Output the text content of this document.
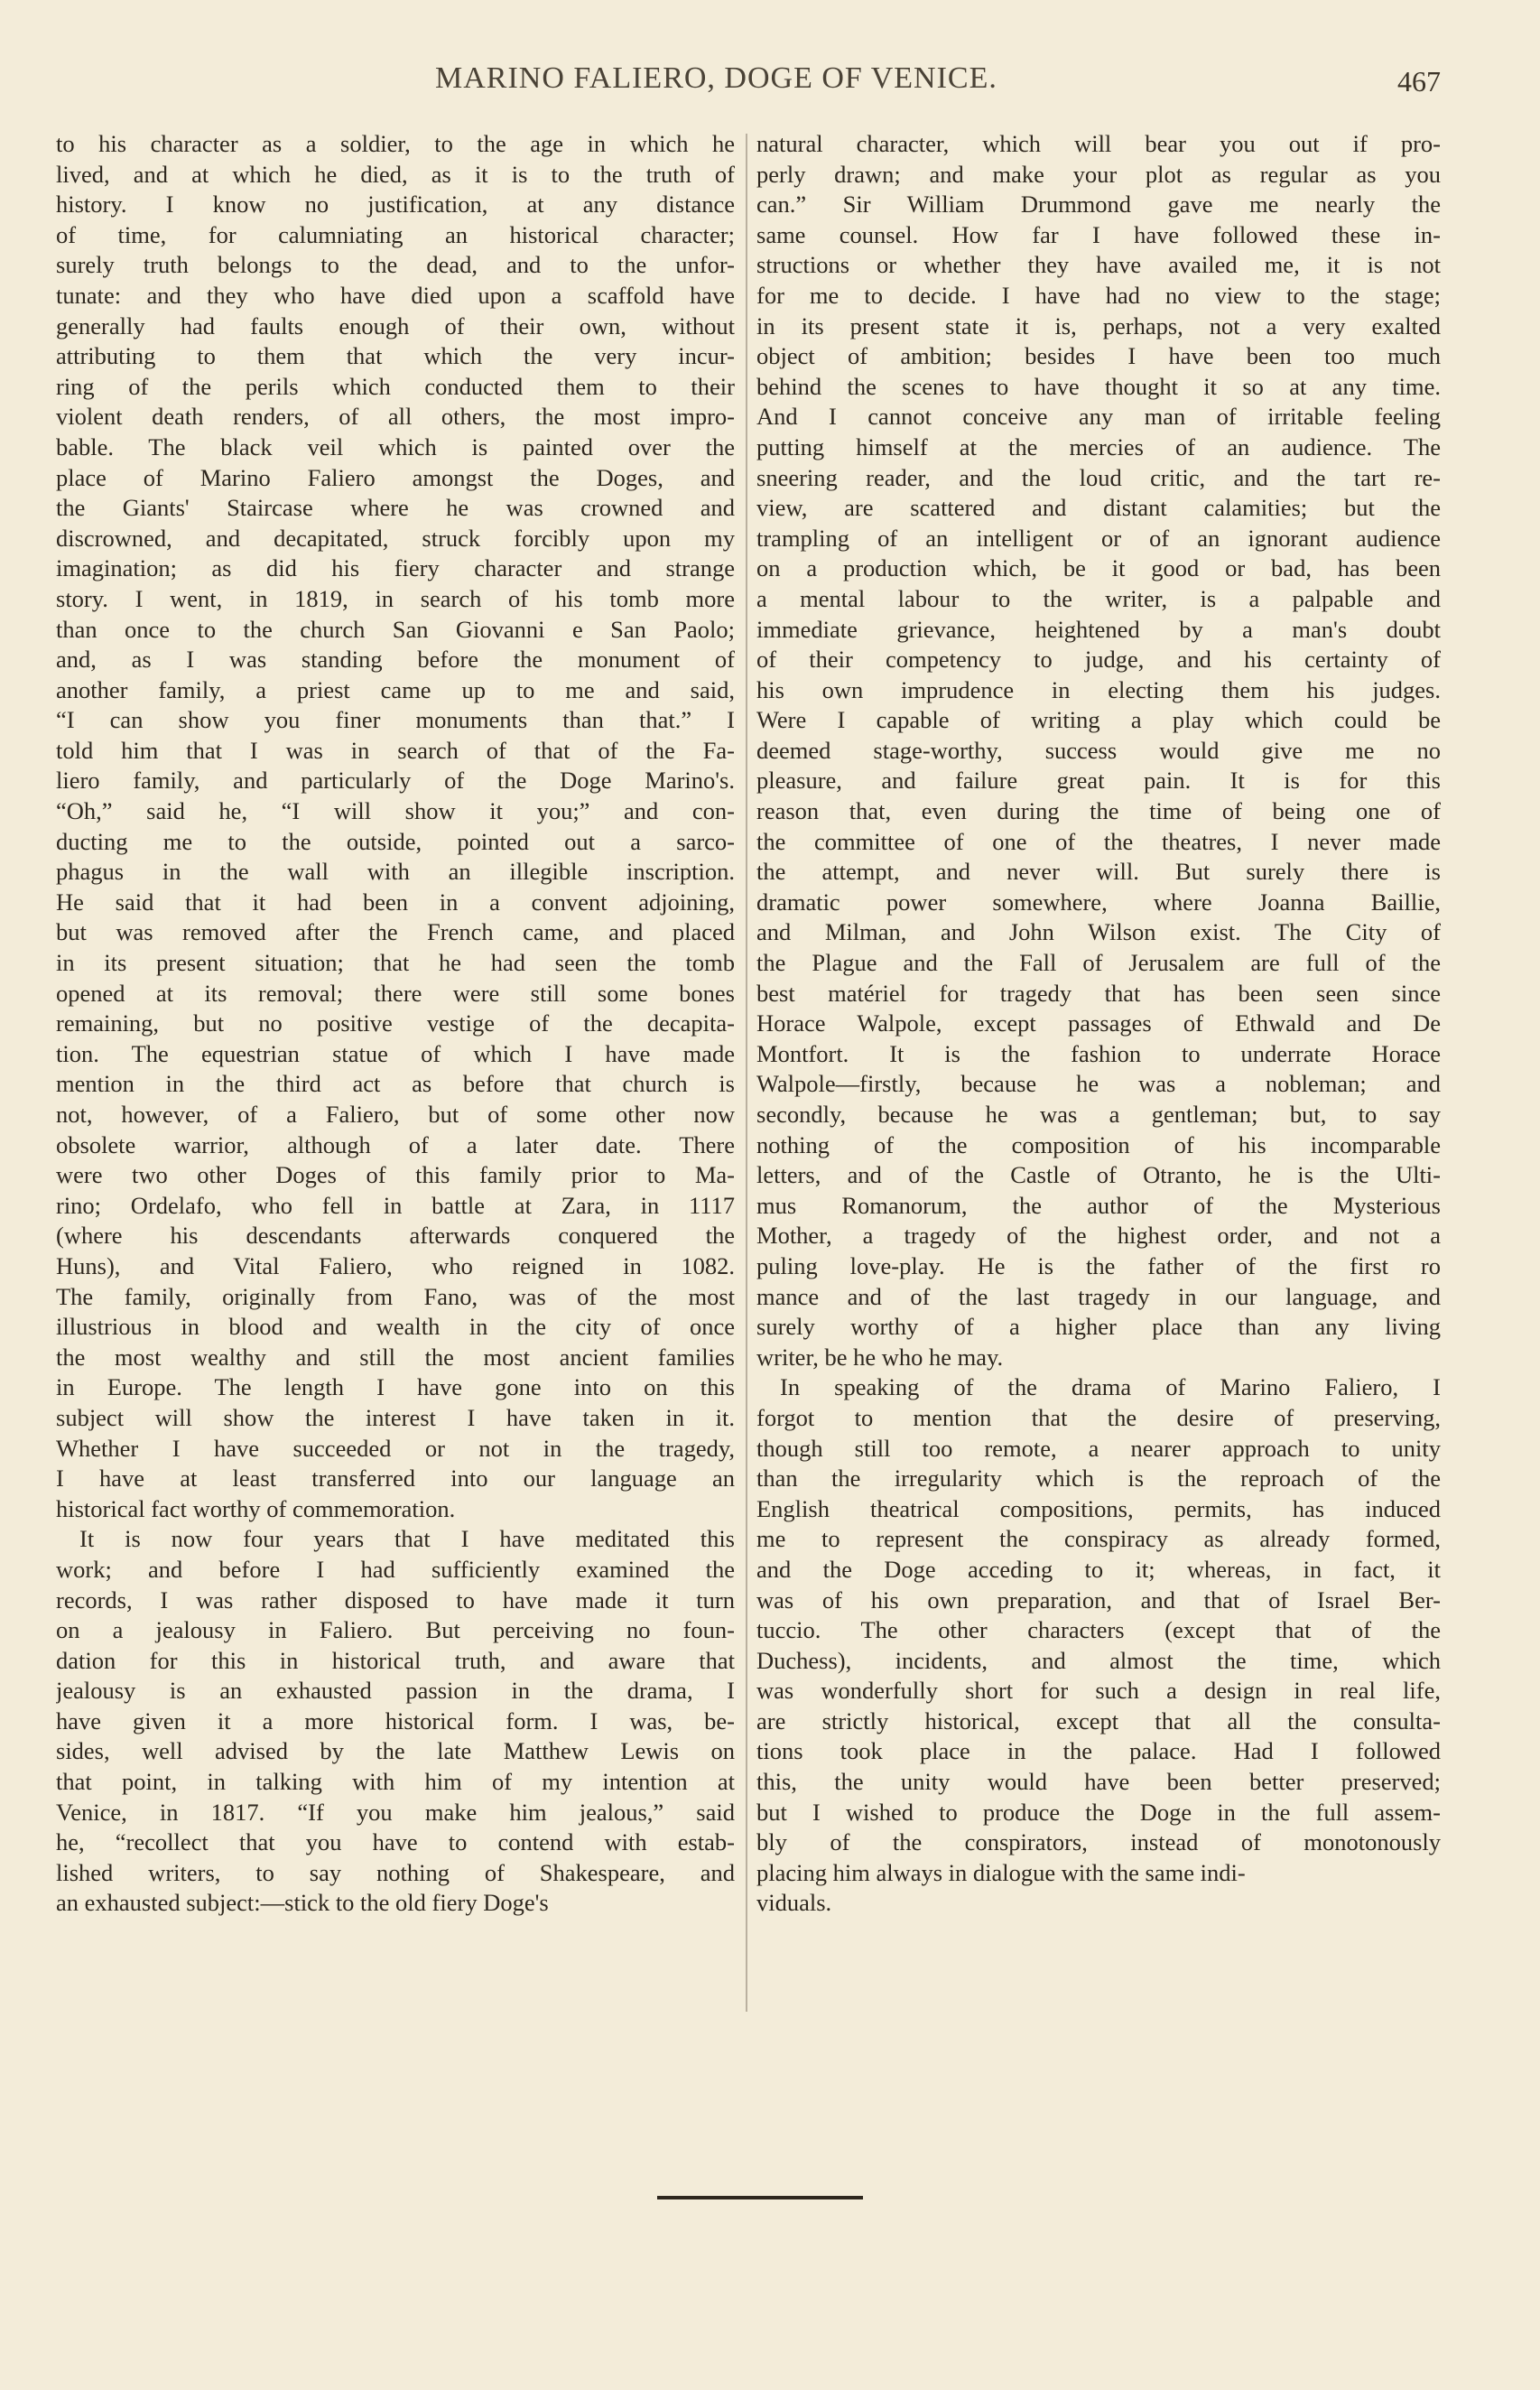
MARINO FALIERO, DOGE OF VENICE.	467
to his character as a soldier, to the age in which he
lived, and at which he died, as it is to the truth of
history. I know no justification, at any distance
of time, for calumniating an historical character;
surely truth belongs to the dead, and to the unfor-
tunate: and they who have died upon a scaffold have
generally had faults enough of their own, without
attributing to them that which the very incur-
ring of the perils which conducted them to their
violent death renders, of all others, the most impro-
bable. The black veil which is painted over the
place of Marino Faliero amongst the Doges, and
the Giants' Staircase where he was crowned and
discrowned, and decapitated, struck forcibly upon my
imagination; as did his fiery character and strange
story. I went, in 1819, in search of his tomb more
than once to the church San Giovanni e San Paolo;
and, as I was standing before the monument of
another family, a priest came up to me and said,
“I can show you finer monuments than that.” I
told him that I was in search of that of the Fa-
liero family, and particularly of the Doge Marino's.
“Oh,” said he, “I will show it you;” and con-
ducting me to the outside, pointed out a sarco-
phagus in the wall with an illegible inscription.
He said that it had been in a convent adjoining,
but was removed after the French came, and placed
in its present situation; that he had seen the tomb
opened at its removal; there were still some bones
remaining, but no positive vestige of the decapita-
tion. The equestrian statue of which I have made
mention in the third act as before that church is
not, however, of a Faliero, but of some other now
obsolete warrior, although of a later date. There
were two other Doges of this family prior to Ma-
rino; Ordelafo, who fell in battle at Zara, in 1117
(where his descendants afterwards conquered the
Huns), and Vital Faliero, who reigned in 1082.
The family, originally from Fano, was of the most
illustrious in blood and wealth in the city of once
the most wealthy and still the most ancient families
in Europe. The length I have gone into on this
subject will show the interest I have taken in it.
Whether I have succeeded or not in the tragedy,
I have at least transferred into our language an
historical fact worthy of commemoration.
It is now four years that I have meditated this
work; and before I had sufficiently examined the
records, I was rather disposed to have made it turn
on a jealousy in Faliero. But perceiving no foun-
dation for this in historical truth, and aware that
jealousy is an exhausted passion in the drama, I
have given it a more historical form. I was, be-
sides, well advised by the late Matthew Lewis on
that point, in talking with him of my intention at
Venice, in 1817. “If you make him jealous,” said
he, “recollect that you have to contend with estab-
lished writers, to say nothing of Shakespeare, and
an exhausted subject:—stick to the old fiery Doge's
natural character, which will bear you out if pro-
perly drawn; and make your plot as regular as you
can.” Sir William Drummond gave me nearly the
same counsel. How far I have followed these in-
structions or whether they have availed me, it is not
for me to decide. I have had no view to the stage;
in its present state it is, perhaps, not a very exalted
object of ambition; besides I have been too much
behind the scenes to have thought it so at any time.
And I cannot conceive any man of irritable feeling
putting himself at the mercies of an audience. The
sneering reader, and the loud critic, and the tart re-
view, are scattered and distant calamities; but the
trampling of an intelligent or of an ignorant audience
on a production which, be it good or bad, has been
a mental labour to the writer, is a palpable and
immediate grievance, heightened by a man's doubt
of their competency to judge, and his certainty of
his own imprudence in electing them his judges.
Were I capable of writing a play which could be
deemed stage-worthy, success would give me no
pleasure, and failure great pain. It is for this
reason that, even during the time of being one of
the committee of one of the theatres, I never made
the attempt, and never will. But surely there is
dramatic power somewhere, where Joanna Baillie,
and Milman, and John Wilson exist. The City of
the Plague and the Fall of Jerusalem are full of the
best matériel for tragedy that has been seen since
Horace Walpole, except passages of Ethwald and De
Montfort. It is the fashion to underrate Horace
Walpole—firstly, because he was a nobleman; and
secondly, because he was a gentleman; but, to say
nothing of the composition of his incomparable
letters, and of the Castle of Otranto, he is the Ulti-
mus Romanorum, the author of the Mysterious
Mother, a tragedy of the highest order, and not a
puling love-play. He is the father of the first ro
mance and of the last tragedy in our language, and
surely worthy of a higher place than any living
writer, be he who he may.
In speaking of the drama of Marino Faliero, I
forgot to mention that the desire of preserving,
though still too remote, a nearer approach to unity
than the irregularity which is the reproach of the
English theatrical compositions, permits, has induced
me to represent the conspiracy as already formed,
and the Doge acceding to it; whereas, in fact, it
was of his own preparation, and that of Israel Ber-
tuccio. The other characters (except that of the
Duchess), incidents, and almost the time, which
was wonderfully short for such a design in real life,
are strictly historical, except that all the consulta-
tions took place in the palace. Had I followed
this, the unity would have been better preserved;
but I wished to produce the Doge in the full assem-
bly of the conspirators, instead of monotonously
placing him always in dialogue with the same indi-
viduals.
